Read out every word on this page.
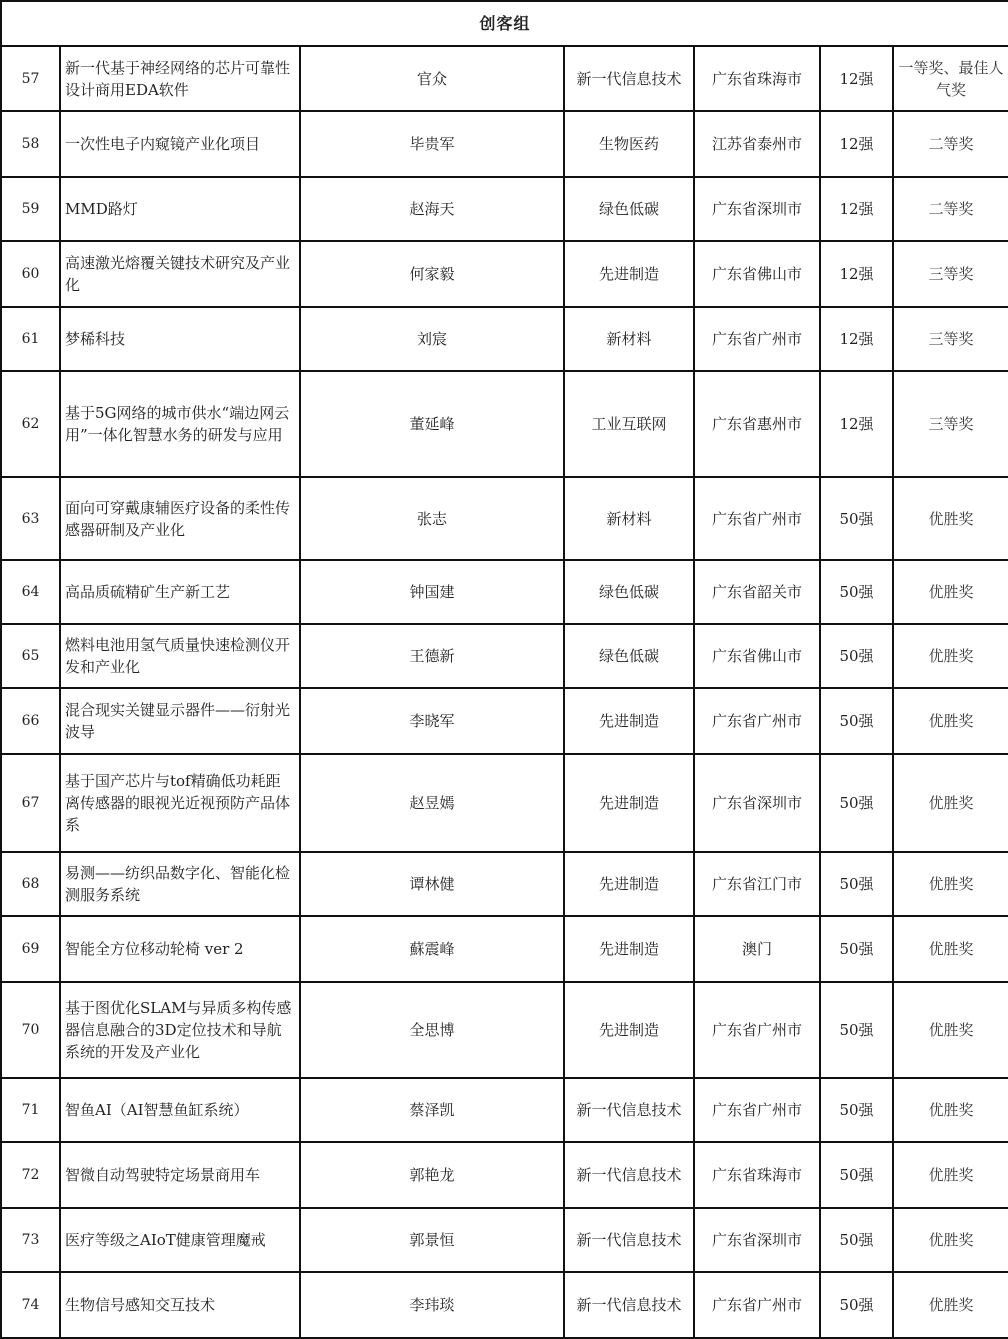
创客组						
57	新一代基于神经网络的芯片可靠性设计商用EDA软件	官众	新一代信息技术	广东省珠海市	12强	一等奖、最佳人气奖
58	一次性电子内窥镜产业化项目	毕贵军	生物医药	江苏省泰州市	12强	二等奖
59	MMD路灯	赵海天	绿色低碳	广东省深圳市	12强	二等奖
60	高速激光熔覆关键技术研究及产业化	何家毅	先进制造	广东省佛山市	12强	三等奖
61	梦稀科技	刘宸	新材料	广东省广州市	12强	三等奖
62	基于5G网络的城市供水“端边网云用”一体化智慧水务的研发与应用	董延峰	工业互联网	广东省惠州市	12强	三等奖
63	面向可穿戴康辅医疗设备的柔性传感器研制及产业化	张志	新材料	广东省广州市	50强	优胜奖
64	高品质硫精矿生产新工艺	钟国建	绿色低碳	广东省韶关市	50强	优胜奖
65	燃料电池用氢气质量快速检测仪开发和产业化	王德新	绿色低碳	广东省佛山市	50强	优胜奖
66	混合现实关键显示器件——衍射光波导	李晓军	先进制造	广东省广州市	50强	优胜奖
67	基于国产芯片与tof精确低功耗距离传感器的眼视光近视预防产品体系	赵昱嫣	先进制造	广东省深圳市	50强	优胜奖
68	易测——纺织品数字化、智能化检测服务系统	谭林健	先进制造	广东省江门市	50强	优胜奖
69	智能全方位移动轮椅 ver 2	蘇震峰	先进制造	澳门	50强	优胜奖
70	基于图优化SLAM与异质多构传感器信息融合的3D定位技术和导航系统的开发及产业化	全思博	先进制造	广东省广州市	50强	优胜奖
71	智鱼AI（AI智慧鱼缸系统）	蔡泽凯	新一代信息技术	广东省广州市	50强	优胜奖
72	智微自动驾驶特定场景商用车	郭艳龙	新一代信息技术	广东省珠海市	50强	优胜奖
73	医疗等级之AIoT健康管理魔戒	郭景恒	新一代信息技术	广东省深圳市	50强	优胜奖
74	生物信号感知交互技术	李玮琰	新一代信息技术	广东省广州市	50强	优胜奖
